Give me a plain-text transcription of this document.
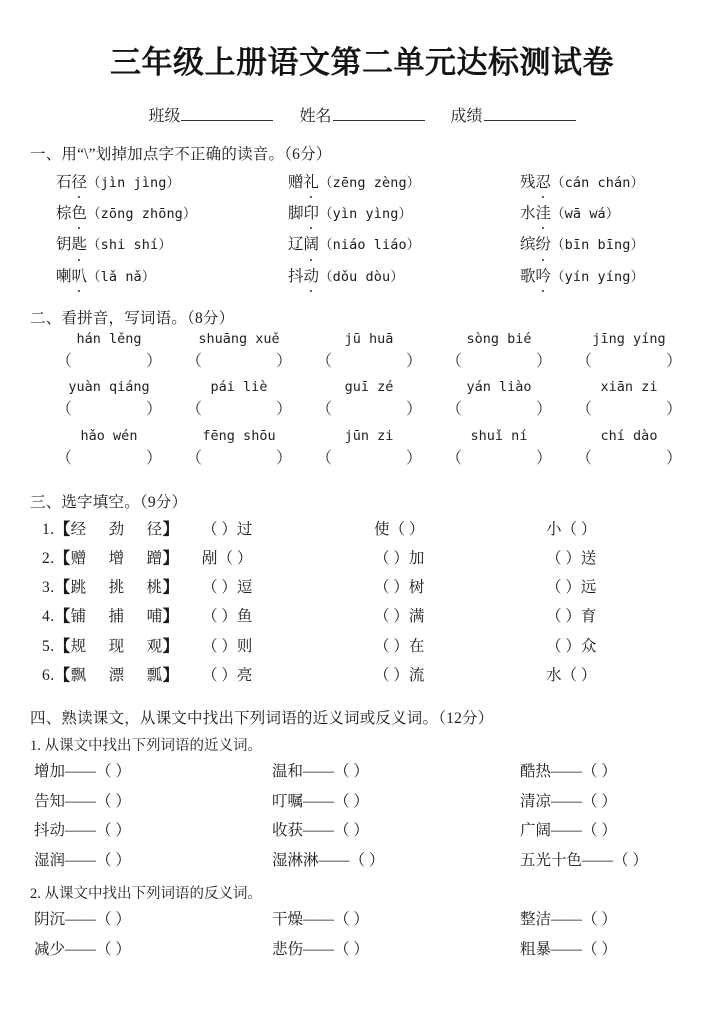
三年级上册语文第二单元达标测试卷
班级	姓名	成绩
一、用“\”划掉加点字不正确的读音。（6分）
石径（jìn jìng）	赠礼（zēng zèng）	残忍（cán chán）
棕色（zōng zhōng）	脚印（yìn yìng）	水洼（wā wá）
钥匙（shi shí）	辽阔（niáo liáo）	缤纷（bīn bīng）
喇叭（lǎ nǎ）	抖动（dǒu dòu）	歌吟（yín yíng）
二、看拼音，写词语。（8分）
hán lěng	shuāng xuě	jū huā	sòng bié	jīng yíng
（	） （	） （	） （	） （	）
yuàn qiáng	pái liè	guī zé	yán liào	xiān zi
（	） （	） （	） （	） （	）
hǎo wén	fēng shōu	jūn zi	shuǐ ní	chí dào
（	） （	） （	） （	） （	）
三、选字填空。（9分）
1.【经 劲 径】	（ ）过	使（ ）	小（ ）
2.【赠 增 蹭】	剐（ ）	（ ）加	（ ）送
3.【跳 挑 桃】	（ ）逗	（ ）树	（ ）远
4.【铺 捕 哺】	（ ）鱼	（ ）满	（ ）育
5.【规 现 观】	（ ）则	（ ）在	（ ）众
6.【飘 漂 瓢】	（ ）亮	（ ）流	水（ ）
四、熟读课文，从课文中找出下列词语的近义词或反义词。（12分）
1. 从课文中找出下列词语的近义词。
增加——（ ）	温和——（ ）	酷热——（ ）
告知——（ ）	叮嘱——（ ）	清凉——（ ）
抖动——（ ）	收获——（ ）	广阔——（ ）
湿润——（ ）	湿淋淋——（ ）	五光十色——（ ）
2. 从课文中找出下列词语的反义词。
阴沉——（ ）	干燥——（ ）	整洁——（ ）
减少——（ ）	悲伤——（ ）	粗暴——（ ）
